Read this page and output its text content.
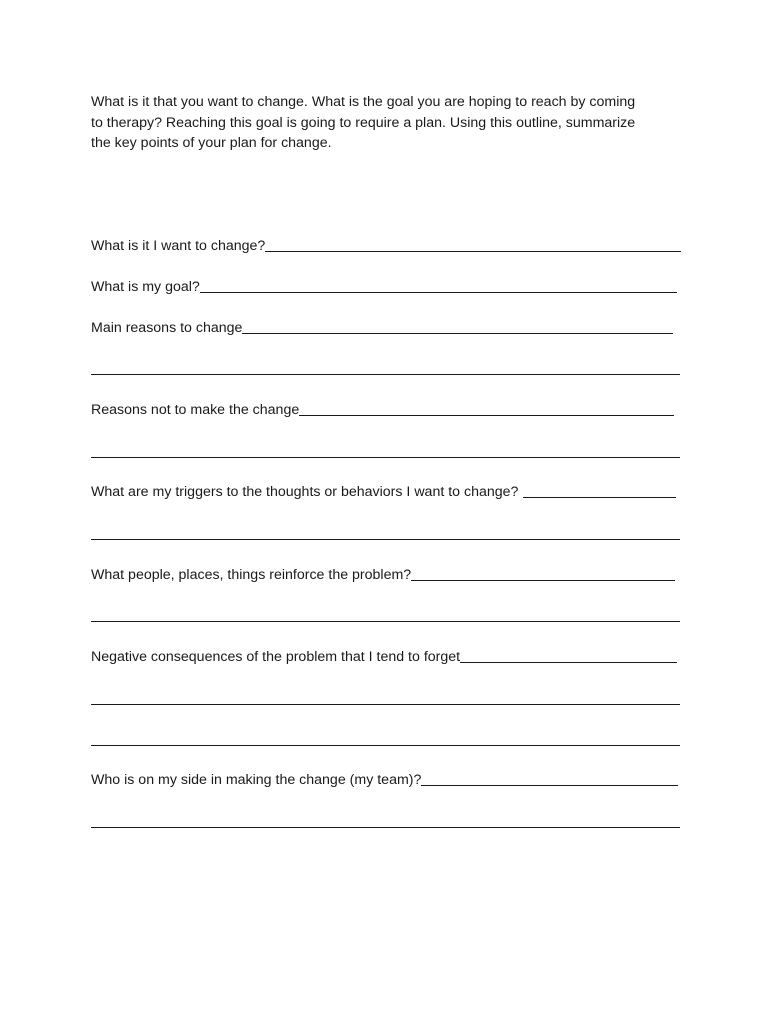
What is it that you want to change. What is the goal you are hoping to reach by coming
to therapy? Reaching this goal is going to require a plan. Using this outline, summarize
the key points of your plan for change.
What is it I want to change?
What is my goal?
Main reasons to change
Reasons not to make the change
What are my triggers to the thoughts or behaviors I want to change?
What people, places, things reinforce the problem?
Negative consequences of the problem that I tend to forget
Who is on my side in making the change (my team)?
